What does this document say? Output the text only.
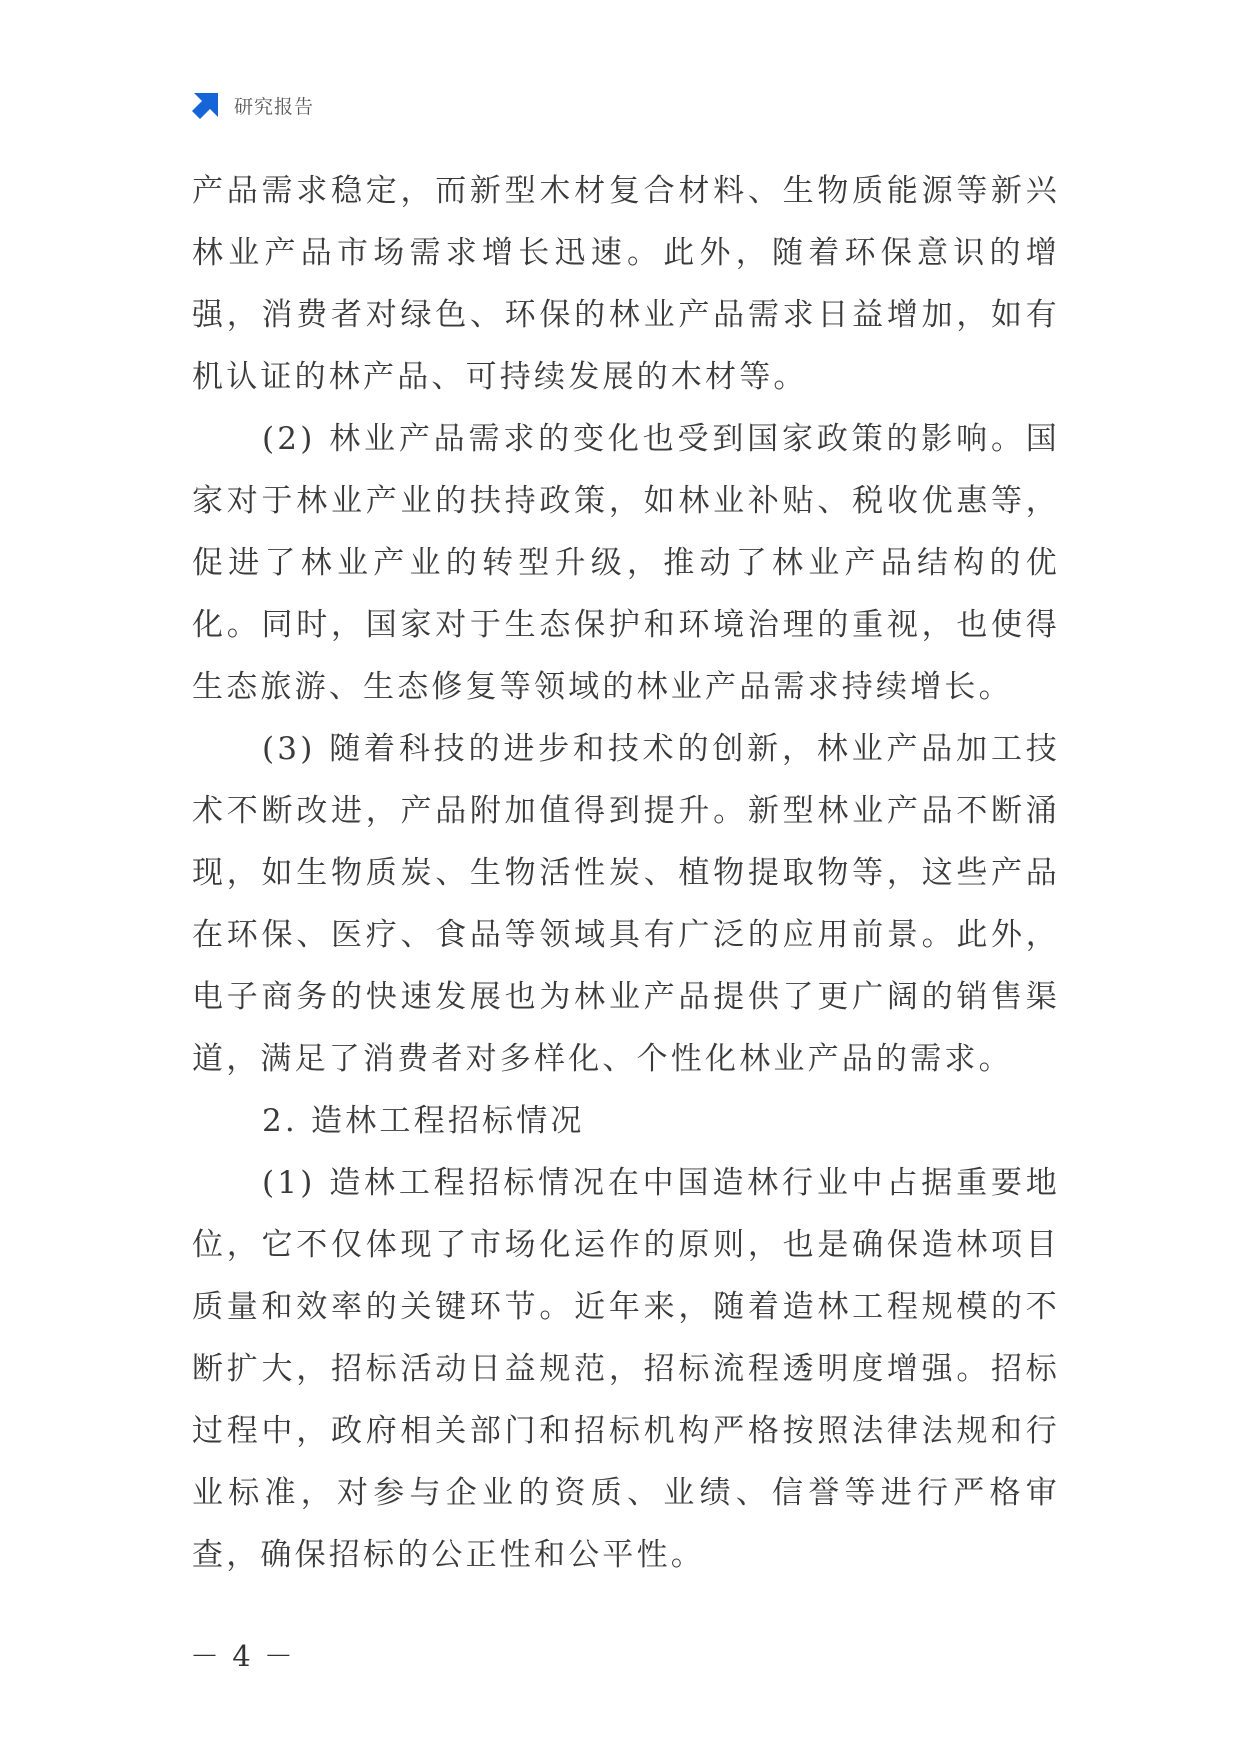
研究报告

产品需求稳定，而新型木材复合材料、生物质能源等新兴林业产品市场需求增长迅速。此外，随着环保意识的增强，消费者对绿色、环保的林业产品需求日益增加，如有机认证的林产品、可持续发展的木材等。

(2) 林业产品需求的变化也受到国家政策的影响。国家对于林业产业的扶持政策，如林业补贴、税收优惠等，促进了林业产业的转型升级，推动了林业产品结构的优化。同时，国家对于生态保护和环境治理的重视，也使得生态旅游、生态修复等领域的林业产品需求持续增长。

(3) 随着科技的进步和技术的创新，林业产品加工技术不断改进，产品附加值得到提升。新型林业产品不断涌现，如生物质炭、生物活性炭、植物提取物等，这些产品在环保、医疗、食品等领域具有广泛的应用前景。此外，电子商务的快速发展也为林业产品提供了更广阔的销售渠道，满足了消费者对多样化、个性化林业产品的需求。

2. 造林工程招标情况

(1) 造林工程招标情况在中国造林行业中占据重要地位，它不仅体现了市场化运作的原则，也是确保造林项目质量和效率的关键环节。近年来，随着造林工程规模的不断扩大，招标活动日益规范，招标流程透明度增强。招标过程中，政府相关部门和招标机构严格按照法律法规和行业标准，对参与企业的资质、业绩、信誉等进行严格审查，确保招标的公正性和公平性。

－ 4 －
